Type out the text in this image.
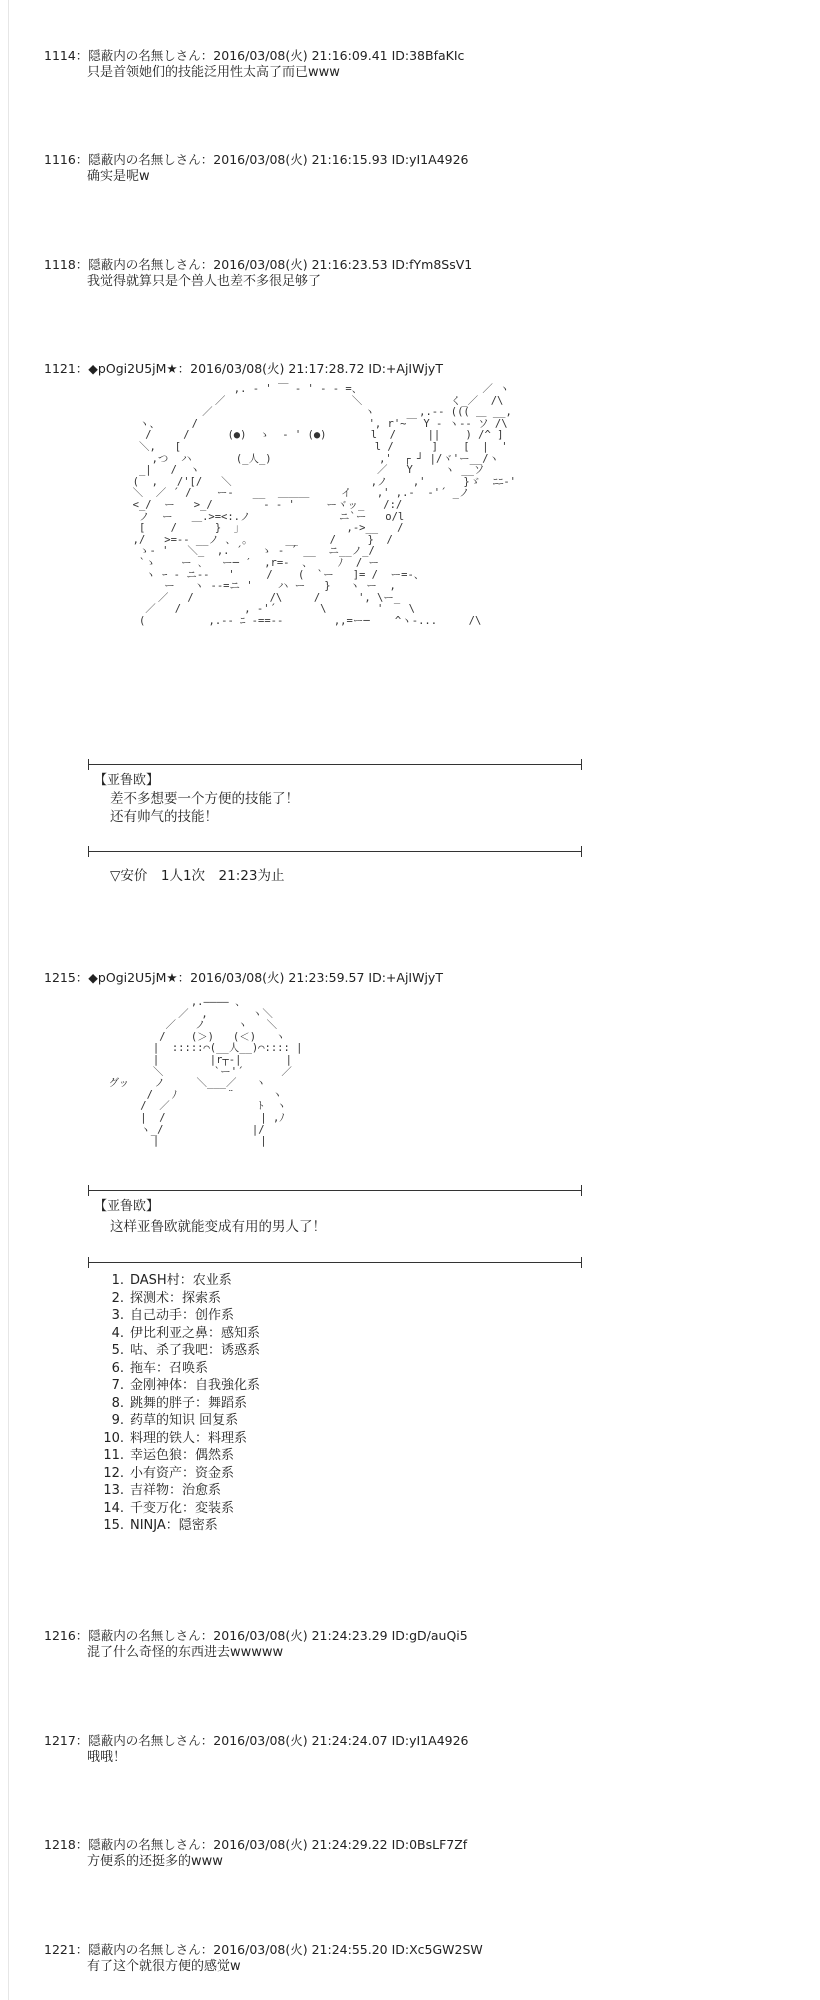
1114：隠蔽内の名無しさん：2016/03/08(火) 21:16:09.41 ID:38BfaKIc
只是首领她们的技能泛用性太高了而已www
1116：隠蔽内の名無しさん：2016/03/08(火) 21:16:15.93 ID:yI1A4926
确实是呢w
1118：隠蔽内の名無しさん：2016/03/08(火) 21:16:23.53 ID:fYm8SsV1
我觉得就算只是个兽人也差不多很足够了
1121：◆pOgi2U5jM★：2016/03/08(火) 21:17:28.72 ID:+AjIWjyT
,. - ' ￣ ‐ ' - - =、                   ／ ヽ
／                    ＼              く_／  /\
／                        ヽ       ,.-‐ ((( ＿ __,
ヽ、     /                           ', r'~￣ Y ‐ ヽ-‐ ソ /\
/     /      (●)  ゝ  - ' (●)       l  /     ||    ) /^ ]
＼,   [         　　　　               l /      ]    [  |  '
,つ  ハ       (_人_)                 ,'  ┌ ┘ |/ヾ'ー__/ヽ
_|   /  ヽ                            ／   Y     ヽ __ソ
(  ,   /'[/   ＼                      ,ノ    ,'      }ゞ  ﾆﾆ-'
＼  ／ ´ /    ー-   __  ＿＿＿     イ    ,' ,.-  ‐'´ _ノ
<_/  ー   >_/        ‐ ‐ '     ーヾッ_   /:/
ノ  ー   ＿.>=<:.ノ              ニ`ー   o/l
[    /      }  ｣                 ,->__   /
,/   >=-‐ __ノ 、 ｡      __     /     }  /
ゝ- '   ＼_  ,. ´   ゝ ‐ ´ __  ニ__ノ_/
`ゝ    ー ､   ー─ ′  ,r=‐  、    ﾉ  / ー
ヽ ｰ - ニ-‐   '     /    (  `ー   ]= /  ー=‐、
ー   ヽ -‐=ニ '    ハ ー   }   ヽ ー  ,
／   /            /\     /      ', \ー_
／   /          , -'´       \        '    \
(          ,.-‐ ﾆ -==--        ,,=ー─    ^ヽ-...     /\
【亚鲁欧】
差不多想要一个方便的技能了！
还有帅气的技能！
▽安价　1人1次　21:23为止
1215：◆pOgi2U5jM★：2016/03/08(火) 21:23:59.57 ID:+AjIWjyT
,.―――― 、
／  ,       ヽ＼
／   ノ     ヽ   ＼
/    (＞)   (＜)   ヽ
|  :::::⌒(__人__)⌒:::: |
|        |r┬-|       |
＼        `ー'´      ／
グッ    ノ     ＼___／   ヽ
/   ﾉ        ¨      ヽ
/  ／              ﾄ  ヽ
|  /               | ,ﾉ
ヽ_/              |/
|                |
【亚鲁欧】
这样亚鲁欧就能变成有用的男人了！
1. DASH村：农业系
2. 探测术：探索系
3. 自己动手：创作系
4. 伊比利亚之鼻：感知系
5. 咕、杀了我吧：诱惑系
6. 拖车：召唤系
7. 金刚神体：自我強化系
8. 跳舞的胖子：舞蹈系
9. 药草的知识 回复系
10. 料理的铁人：料理系
11. 幸运色狼：偶然系
12. 小有资产：资金系
13. 吉祥物：治愈系
14. 千变万化：変装系
15. NINJA：隠密系
1216：隠蔽内の名無しさん：2016/03/08(火) 21:24:23.29 ID:gD/auQi5
混了什么奇怪的东西进去wwwww
1217：隠蔽内の名無しさん：2016/03/08(火) 21:24:24.07 ID:yI1A4926
哦哦！
1218：隠蔽内の名無しさん：2016/03/08(火) 21:24:29.22 ID:0BsLF7Zf
方便系的还挺多的www
1221：隠蔽内の名無しさん：2016/03/08(火) 21:24:55.20 ID:Xc5GW2SW
有了这个就很方便的感觉w
